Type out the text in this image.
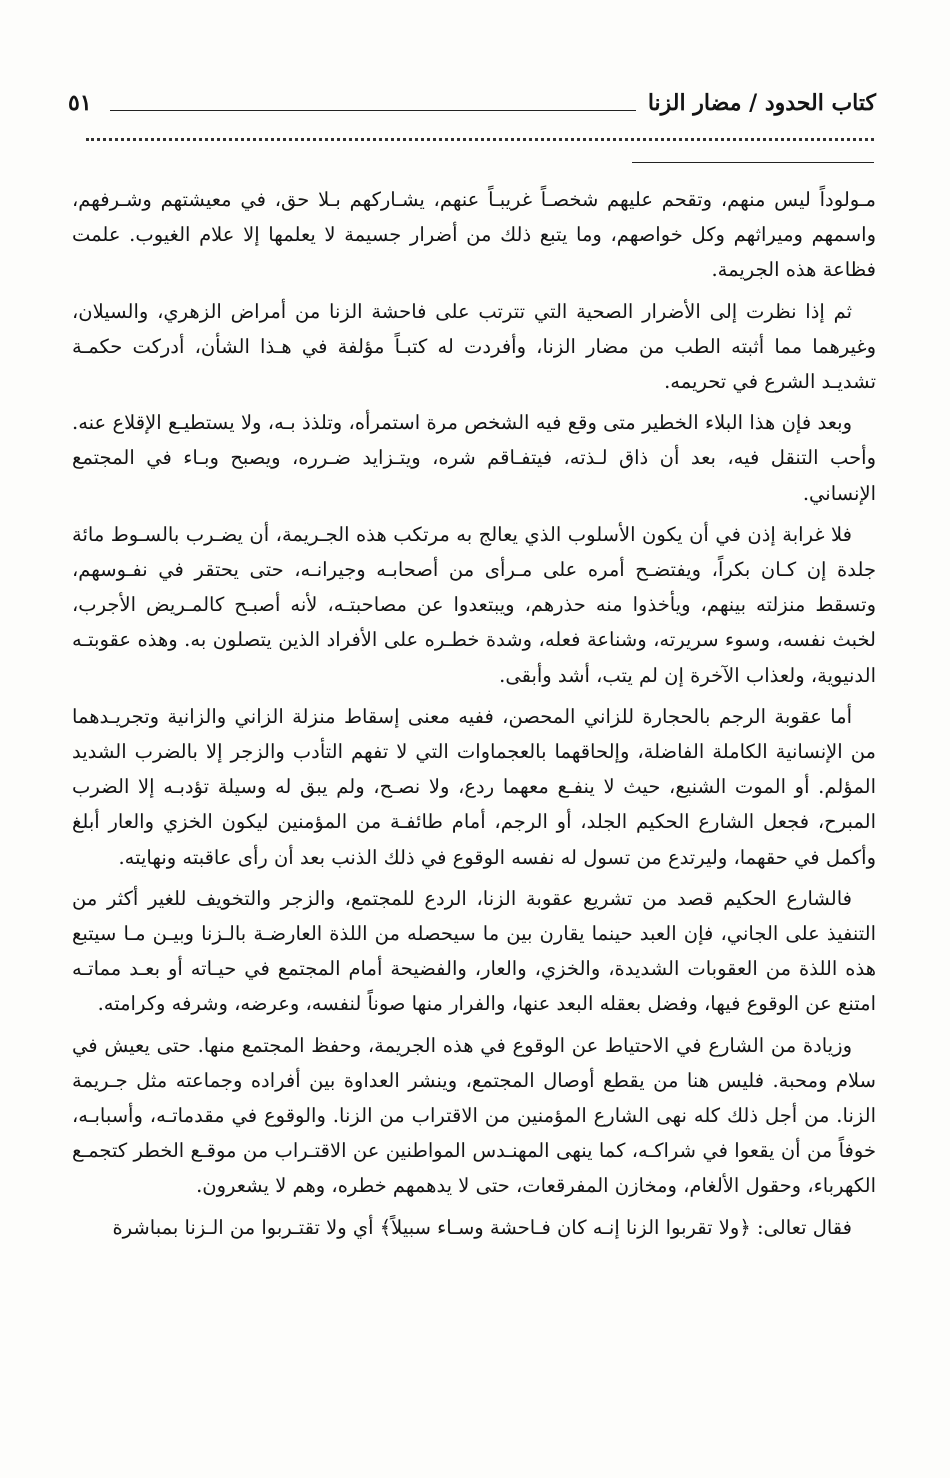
كتاب الحدود / مضار الزنا
٥١

مـولوداً ليس منهم، وتقحم عليهم شخصـاً غريبـاً عنهم، يشـاركهم بـلا حق، في معيشتهم وشـرفهم، واسمهم وميراثهم وكل خواصهم، وما يتبع ذلك من أضرار جسيمة لا يعلمها إلا علام الغيوب. علمت فظاعة هذه الجريمة.

ثم إذا نظرت إلى الأضرار الصحية التي تترتب على فاحشة الزنا من أمراض الزهري، والسيلان، وغيرهما مما أثبته الطب من مضار الزنا، وأفردت له كتبـاً مؤلفة في هـذا الشأن، أدركت حكمـة تشديـد الشرع في تحريمه.

وبعد فإن هذا البلاء الخطير متى وقع فيه الشخص مرة استمرأه، وتلذذ بـه، ولا يستطيـع الإقلاع عنه. وأحب التنقل فيه، بعد أن ذاق لـذته، فيتفـاقم شره، ويتـزايد ضـرره، ويصبح وبـاء في المجتمع الإنساني.

فلا غرابة إذن في أن يكون الأسلوب الذي يعالج به مرتكب هذه الجـريمة، أن يضـرب بالسـوط مائة جلدة إن كـان بكراً، ويفتضـح أمره على مـرأى من أصحابـه وجيرانـه، حتى يحتقر في نفـوسهم، وتسقط منزلته بينهم، ويأخذوا منه حذرهم، ويبتعدوا عن مصاحبتـه، لأنه أصبـح كالمـريض الأجرب، لخبث نفسه، وسوء سريرته، وشناعة فعله، وشدة خطـره على الأفراد الذين يتصلون به. وهذه عقوبتـه الدنيوية، ولعذاب الآخرة إن لم يتب، أشد وأبقى.

أما عقوبة الرجم بالحجارة للزاني المحصن، ففيه معنى إسقاط منزلة الزاني والزانية وتجريـدهما من الإنسانية الكاملة الفاضلة، وإلحاقهما بالعجماوات التي لا تفهم التأدب والزجر إلا بالضرب الشديد المؤلم. أو الموت الشنيع، حيث لا ينفـع معهما ردع، ولا نصـح، ولم يبق له وسيلة تؤدبـه إلا الضرب المبرح، فجعل الشارع الحكيم الجلد، أو الرجم، أمام طائفـة من المؤمنين ليكون الخزي والعار أبلغ وأكمل في حقهما، وليرتدع من تسول له نفسه الوقوع في ذلك الذنب بعد أن رأى عاقبته ونهايته.

فالشارع الحكيم قصد من تشريع عقوبة الزنا، الردع للمجتمع، والزجر والتخويف للغير أكثر من التنفيذ على الجاني، فإن العبد حينما يقارن بين ما سيحصله من اللذة العارضـة بالـزنا وبيـن مـا سيتبع هذه اللذة من العقوبات الشديدة، والخزي، والعار، والفضيحة أمام المجتمع في حيـاته أو بعـد مماتـه امتنع عن الوقوع فيها، وفضل بعقله البعد عنها، والفرار منها صوناً لنفسه، وعرضه، وشرفه وكرامته.

وزيادة من الشارع في الاحتياط عن الوقوع في هذه الجريمة، وحفظ المجتمع منها. حتى يعيش في سلام ومحبة. فليس هنا من يقطع أوصال المجتمع، وينشر العداوة بين أفراده وجماعته مثل جـريمة الزنا. من أجل ذلك كله نهى الشارع المؤمنين من الاقتراب من الزنا. والوقوع في مقدماتـه، وأسبابـه، خوفاً من أن يقعوا في شراكـه، كما ينهى المهنـدس المواطنين عن الاقتـراب من موقـع الخطر كتجمـع الكهرباء، وحقول الألغام، ومخازن المفرقعات، حتى لا يدهمهم خطره، وهم لا يشعرون.

فقال تعالى: ﴿ولا تقربوا الزنا إنـه كان فـاحشة وسـاء سبيلاً﴾ أي ولا تقتـربوا من الـزنا بمباشرة
